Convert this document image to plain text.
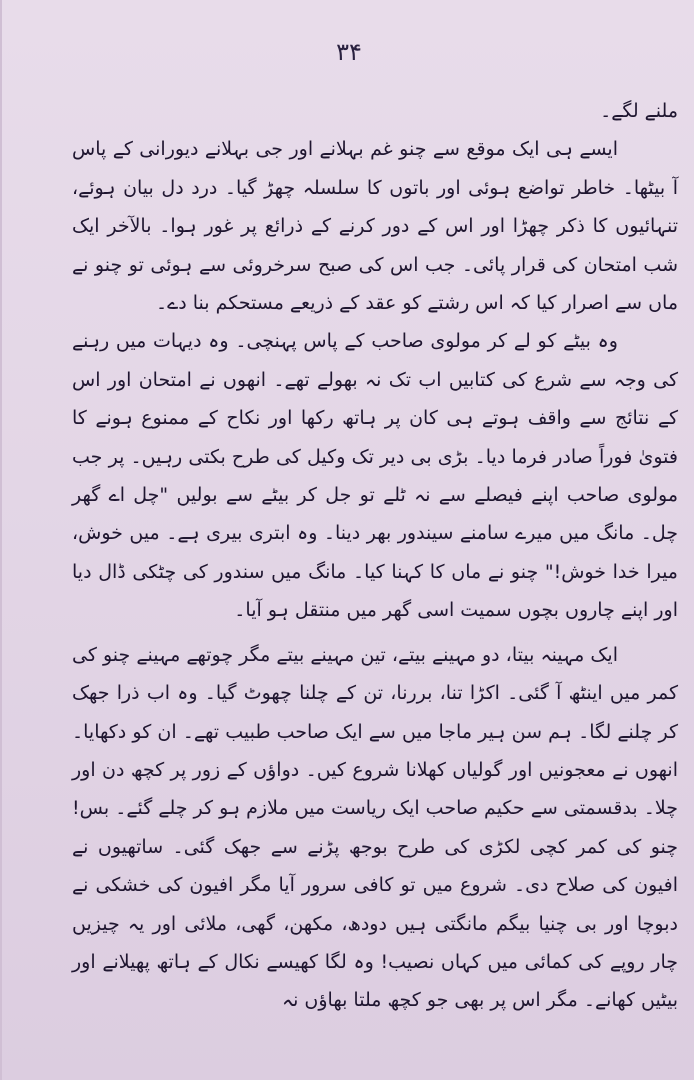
۳۴

ملنے لگے۔

ایسے ہی ایک موقع سے چنو غم بہلانے اور جی بہلانے دیورانی کے پاس آ بیٹھا۔ خاطر تواضع ہوئی اور باتوں کا سلسلہ چھڑ گیا۔ درد دل بیان ہوئے، تنہائیوں کا ذکر چھڑا اور اس کے دور کرنے کے ذرائع پر غور ہوا۔ بالآخر ایک شب امتحان کی قرار پائی۔ جب اس کی صبح سرخروئی سے ہوئی تو چنو نے ماں سے اصرار کیا کہ اس رشتے کو عقد کے ذریعے مستحکم بنا دے۔

وہ بیٹے کو لے کر مولوی صاحب کے پاس پہنچی۔ وہ دیہات میں رہنے کی وجہ سے شرع کی کتابیں اب تک نہ بھولے تھے۔ انھوں نے امتحان اور اس کے نتائج سے واقف ہوتے ہی کان پر ہاتھ رکھا اور نکاح کے ممنوع ہونے کا فتویٰ فوراً صادر فرما دیا۔ بڑی بی دیر تک وکیل کی طرح بکتی رہیں۔ پر جب مولوی صاحب اپنے فیصلے سے نہ ٹلے تو جل کر بیٹے سے بولیں "چل اے گھر چل۔ مانگ میں میرے سامنے سیندور بھر دینا۔ وہ ابتری بیری ہے۔ میں خوش، میرا خدا خوش!" چنو نے ماں کا کہنا کیا۔ مانگ میں سندور کی چٹکی ڈال دیا اور اپنے چاروں بچوں سمیت اسی گھر میں منتقل ہو آیا۔

ایک مہینہ بیتا، دو مہینے بیتے، تین مہینے بیتے مگر چوتھے مہینے چنو کی کمر میں اینٹھ آ گئی۔ اکڑا تنا، بررنا، تن کے چلنا چھوٹ گیا۔ وہ اب ذرا جھک کر چلنے لگا۔ ہم سن ہیر ماجا میں سے ایک صاحب طبیب تھے۔ ان کو دکھایا۔ انھوں نے معجونیں اور گولیاں کھلانا شروع کیں۔ دواؤں کے زور پر کچھ دن اور چلا۔ بدقسمتی سے حکیم صاحب ایک ریاست میں ملازم ہو کر چلے گئے۔ بس! چنو کی کمر کچی لکڑی کی طرح بوجھ پڑنے سے جھک گئی۔ ساتھیوں نے افیون کی صلاح دی۔ شروع میں تو کافی سرور آیا مگر افیون کی خشکی نے دبوچا اور بی چنیا بیگم مانگتی ہیں دودھ، مکھن، گھی، ملائی اور یہ چیزیں چار روپے کی کمائی میں کہاں نصیب! وہ لگا کھیسے نکال کے ہاتھ پھیلانے اور بیٹیں کھانے۔ مگر اس پر بھی جو کچھ ملتا بھاؤں نہ
